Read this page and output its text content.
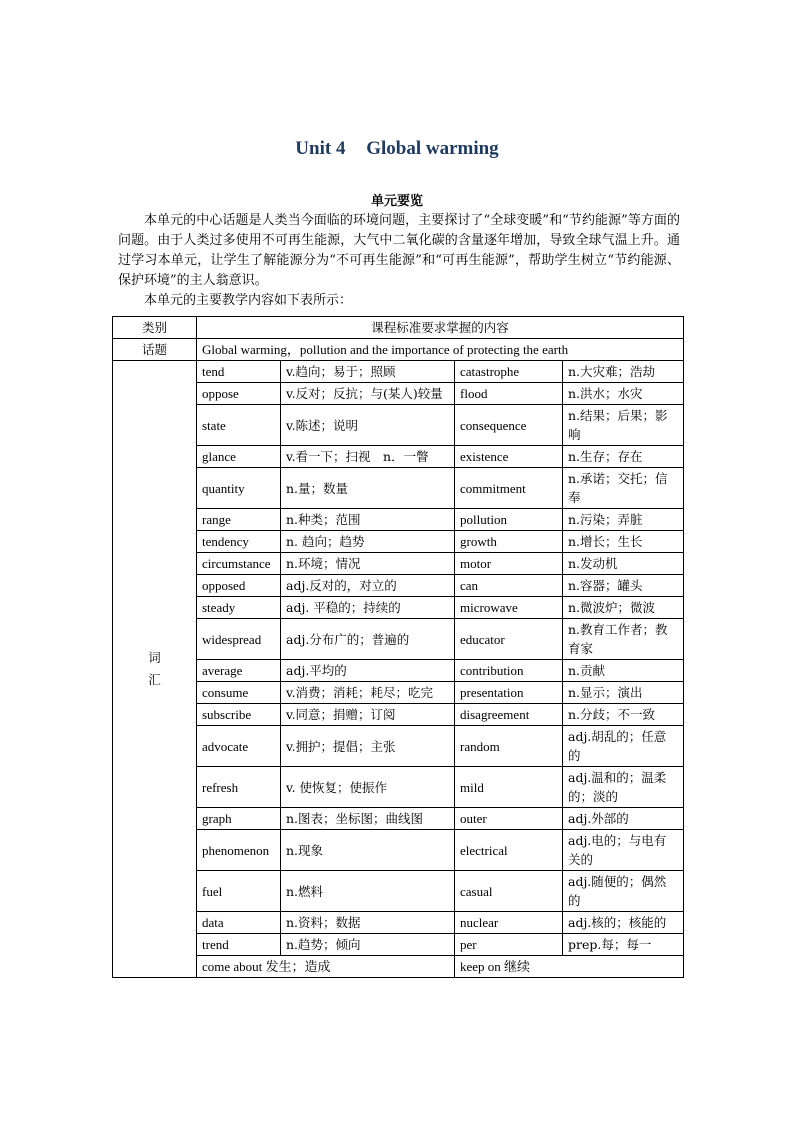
Unit 4 Global warming
单元要览

本单元的中心话题是人类当今面临的环境问题，主要探讨了“全球变暖”和“节约能源”等方面的问题。由于人类过多使用不可再生能源，大气中二氧化碳的含量逐年增加，导致全球气温上升。通过学习本单元，让学生了解能源分为“不可再生能源”和“可再生能源”，帮助学生树立“节约能源、保护环境”的主人翁意识。

本单元的主要教学内容如下表所示：

类别	课程标准要求掌握的内容			
话题	Global warming，pollution and the importance of protecting the earth			

词
汇	tend	v.趋向；易于；照顾	catastrophe	n.大灾难；浩劫
	oppose	v.反对；反抗；与(某人)较量	flood	n.洪水；水灾
	state	v.陈述；说明	consequence	n.结果；后果；影响
	glance	v.看一下；扫视　n．一瞥	existence	n.生存；存在
	quantity	n.量；数量	commitment	n.承诺；交托；信奉
	range	n.种类；范围	pollution	n.污染；弄脏
	tendency	n. 趋向；趋势	growth	n.增长；生长
	circumstance	n.环境；情况	motor	n.发动机
	opposed	adj.反对的，对立的	can	n.容器；罐头
	steady	adj. 平稳的；持续的	microwave	n.微波炉；微波
	widespread	adj.分布广的；普遍的	educator	n.教育工作者；教育家
	average	adj.平均的	contribution	n.贡献
	consume	v.消费；消耗；耗尽；吃完	presentation	n.显示；演出
	subscribe	v.同意；捐赠；订阅	disagreement	n.分歧；不一致
	advocate	v.拥护；提倡；主张	random	adj.胡乱的；任意的
	refresh	v. 使恢复；使振作	mild	adj.温和的；温柔的；淡的
	graph	n.图表；坐标图；曲线图	outer	adj.外部的
	phenomenon	n.现象	electrical	adj.电的；与电有关的
	fuel	n.燃料	casual	adj.随便的；偶然的
	data	n.资料；数据	nuclear	adj.核的；核能的
	trend	n.趋势；倾向	per	prep.每；每一
	come about 发生；造成		keep on 继续	
